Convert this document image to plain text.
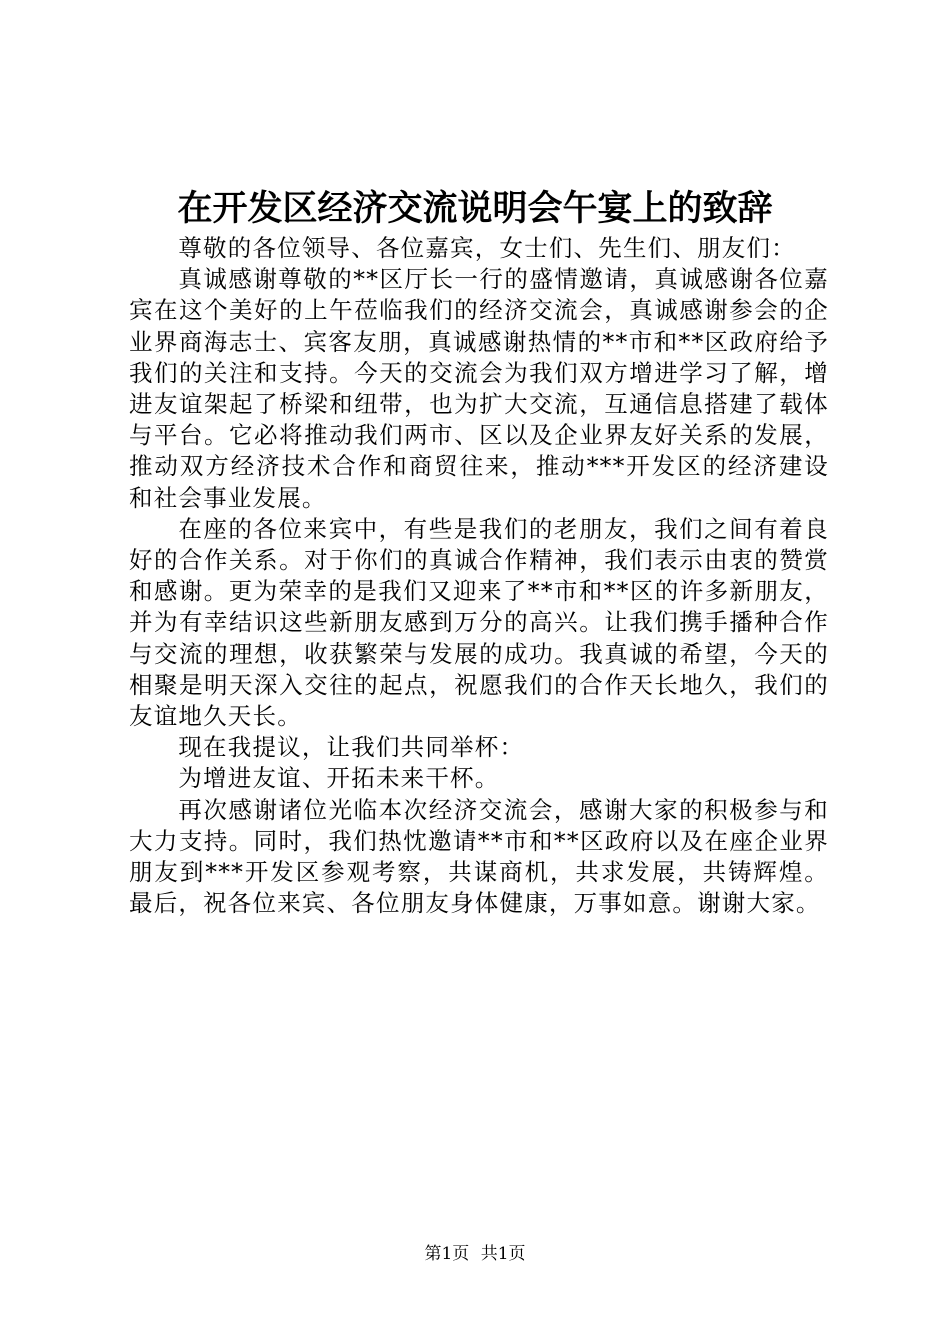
在开发区经济交流说明会午宴上的致辞

尊敬的各位领导、各位嘉宾，女士们、先生们、朋友们：

真诚感谢尊敬的**区厅长一行的盛情邀请，真诚感谢各位嘉宾在这个美好的上午莅临我们的经济交流会，真诚感谢参会的企业界商海志士、宾客友朋，真诚感谢热情的**市和**区政府给予我们的关注和支持。今天的交流会为我们双方增进学习了解，增进友谊架起了桥梁和纽带，也为扩大交流，互通信息搭建了载体与平台。它必将推动我们两市、区以及企业界友好关系的发展，推动双方经济技术合作和商贸往来，推动***开发区的经济建设和社会事业发展。

在座的各位来宾中，有些是我们的老朋友，我们之间有着良好的合作关系。对于你们的真诚合作精神，我们表示由衷的赞赏和感谢。更为荣幸的是我们又迎来了**市和**区的许多新朋友，并为有幸结识这些新朋友感到万分的高兴。让我们携手播种合作与交流的理想，收获繁荣与发展的成功。我真诚的希望，今天的相聚是明天深入交往的起点，祝愿我们的合作天长地久，我们的友谊地久天长。

现在我提议，让我们共同举杯：

为增进友谊、开拓未来干杯。

再次感谢诸位光临本次经济交流会，感谢大家的积极参与和大力支持。同时，我们热忱邀请**市和**区政府以及在座企业界朋友到***开发区参观考察，共谋商机，共求发展，共铸辉煌。最后，祝各位来宾、各位朋友身体健康，万事如意。谢谢大家。

第1页 共1页
